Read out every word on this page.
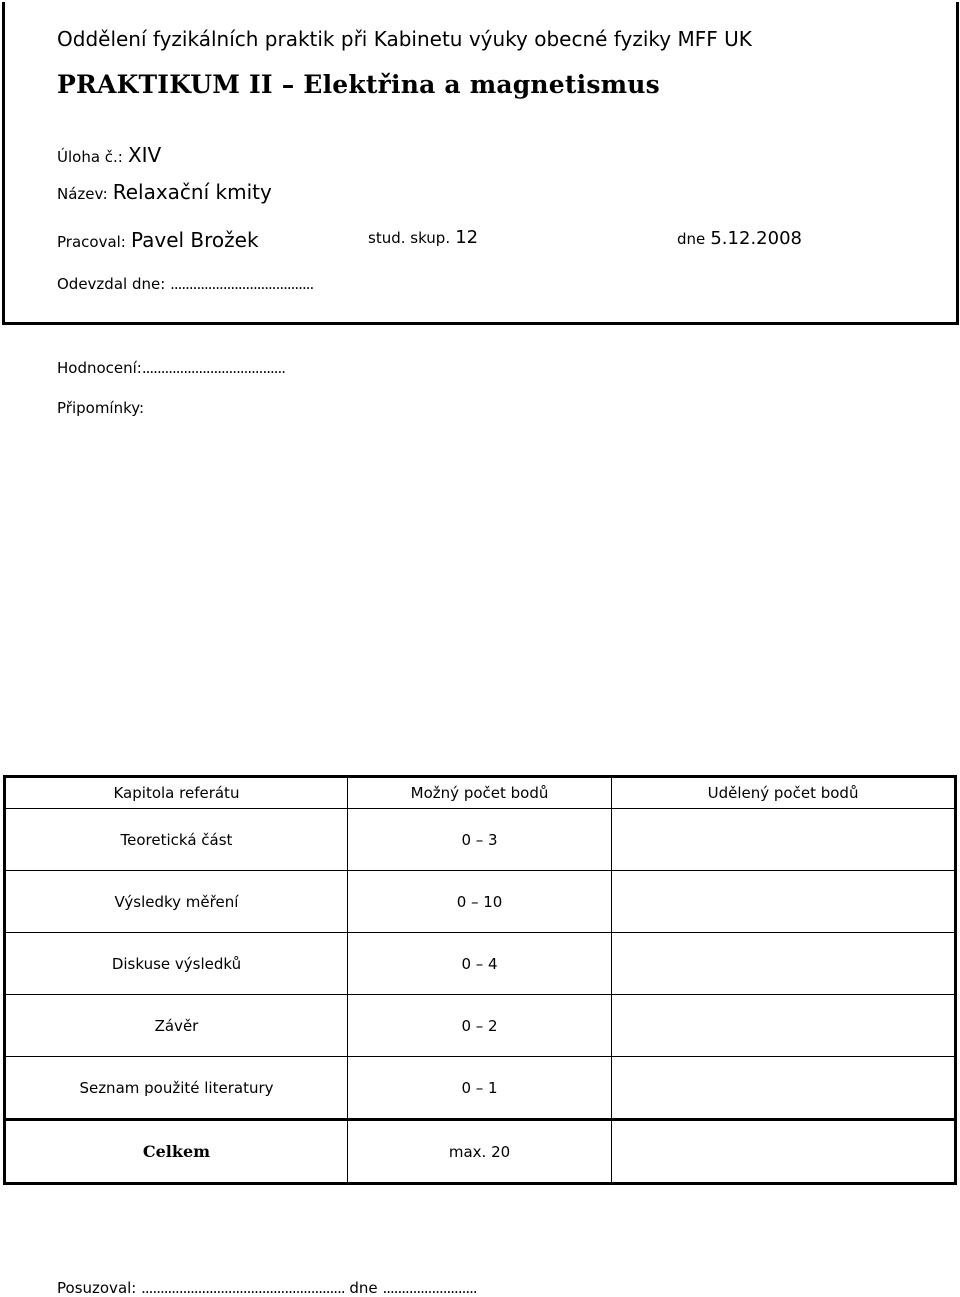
Oddělení fyzikálních praktik při Kabinetu výuky obecné fyziky MFF UK
PRAKTIKUM II – Elektřina a magnetismus
Úloha č.: XIV
Název: Relaxační kmity
Pracoval: Pavel Brožek	stud. skup. 12	dne 5.12.2008
Odevzdal dne: ......................................
Hodnocení:......................................
Připomínky:
Kapitola referátu	Možný počet bodů	Udělený počet bodů
Teoretická část	0 – 3	
Výsledky měření	0 – 10	
Diskuse výsledků	0 – 4	
Závěr	0 – 2	
Seznam použité literatury	0 – 1	
Celkem	max. 20	
Posuzoval: ...................................................... dne .........................
